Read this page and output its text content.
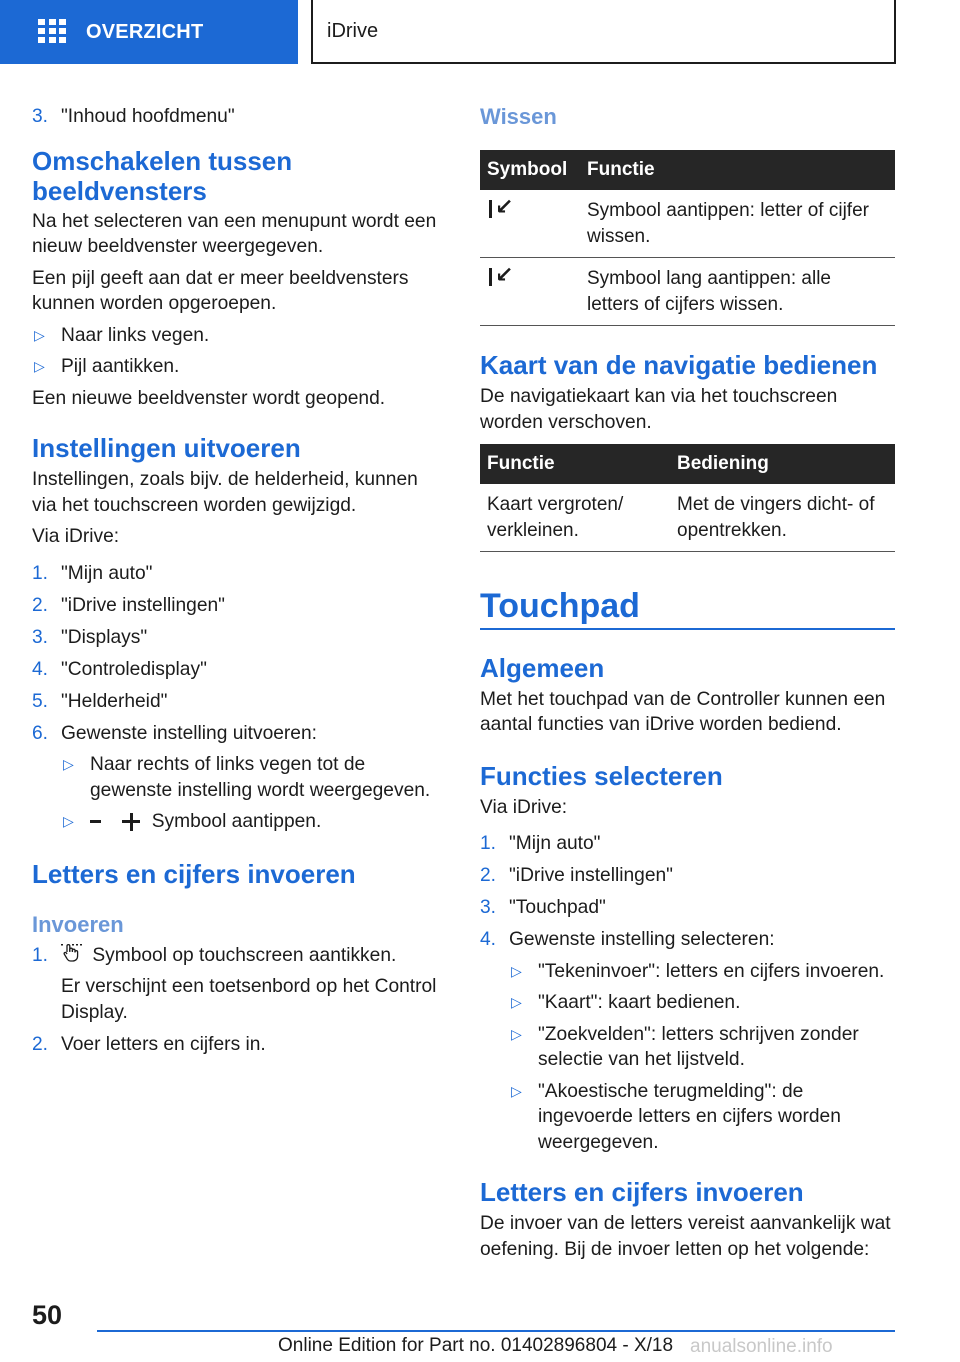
OVERZICHT	iDrive
3. "Inhoud hoofdmenu"
Omschakelen tussen
beeldvensters

Na het selecteren van een menupunt wordt een nieuw beeldvenster weergegeven.

Een pijl geeft aan dat er meer beeldvensters kunnen worden opgeroepen.

▷ Naar links vegen.
▷ Pijl aantikken.

Een nieuwe beeldvenster wordt geopend.

Instellingen uitvoeren

Instellingen, zoals bijv. de helderheid, kunnen via het touchscreen worden gewijzigd.

Via iDrive:

1. "Mijn auto"
2. "iDrive instellingen"
3. "Displays"
4. "Controledisplay"
5. "Helderheid"
6. Gewenste instelling uitvoeren:
▷ Naar rechts of links vegen tot de gewenste instelling wordt weergegeven.
▷
	Symbool aantippen.
Letters en cijfers invoeren
Invoeren
1. Symbool op touchscreen aantikken.

Er verschijnt een toetsenbord op het Control Display.

2. Voer letters en cijfers in.
Wissen
Symbool	Functie

↙	Symbool aantippen: letter of cijfer wissen.

↙	Symbool lang aantippen: alle letters of cijfers wissen.
Kaart van de navigatie bedienen

De navigatiekaart kan via het touchscreen worden verschoven.

Functie	Bediening
Kaart vergroten/ verkleinen.	Met de vingers dicht- of opentrekken.
Touchpad
Algemeen

Met het touchpad van de Controller kunnen een aantal functies van iDrive worden bediend.

Functies selecteren

Via iDrive:

1. "Mijn auto"
2. "iDrive instellingen"
3. "Touchpad"
4. Gewenste instelling selecteren:
▷ "Tekeninvoer": letters en cijfers invoeren.
▷ "Kaart": kaart bedienen.
▷ "Zoekvelden": letters schrijven zonder selectie van het lijstveld.
▷ "Akoestische terugmelding": de ingevoerde letters en cijfers worden weergegeven.
Letters en cijfers invoeren

De invoer van de letters vereist aanvankelijk wat oefening. Bij de invoer letten op het volgende:

50
Online Edition for Part no. 01402896804 - X/18 anualsonline.info
